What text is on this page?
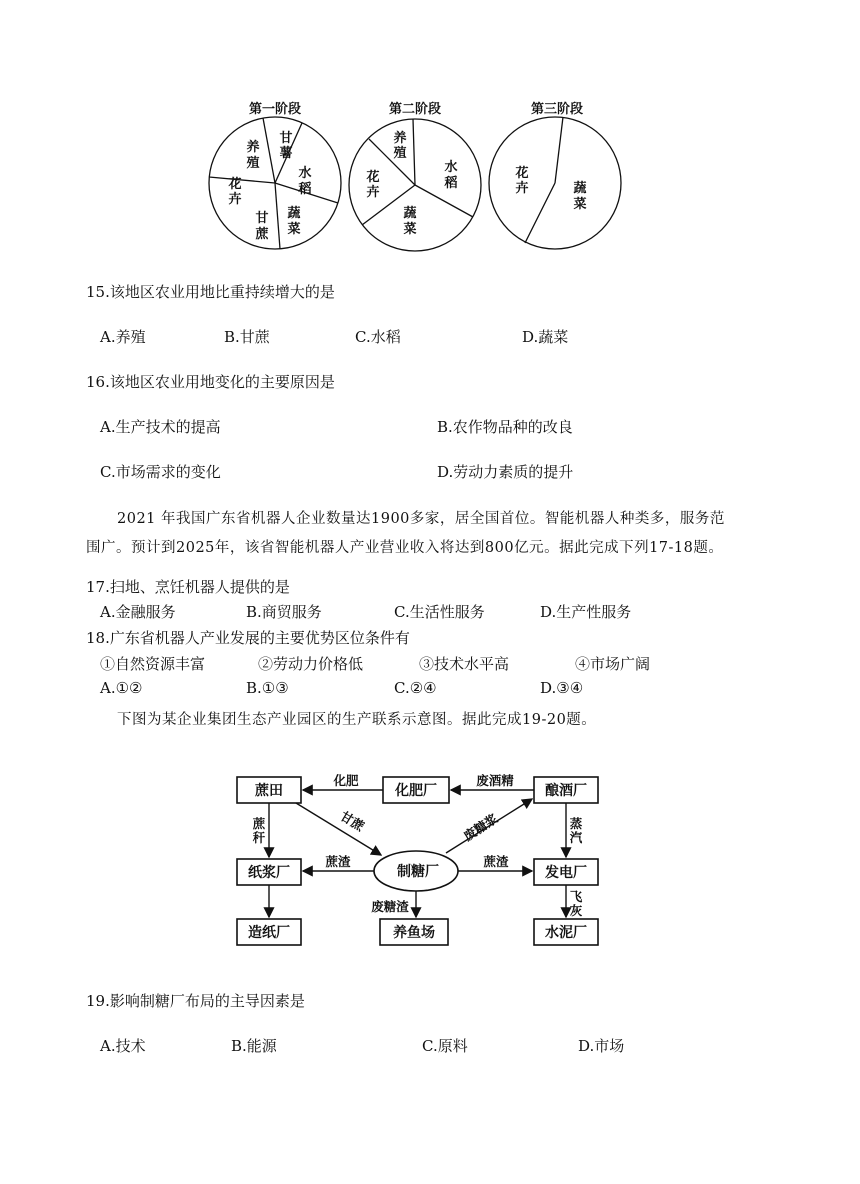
第一阶段	第二阶段	第三阶段
养
殖
甘
薯
水
稻
蔬
菜
甘
蔗
花
卉
养
殖
水
稻
蔬
菜
花
卉
花
卉	蔬
菜
15.该地区农业用地比重持续增大的是
A.养殖	B.甘蔗	C.水稻	D.蔬菜
16.该地区农业用地变化的主要原因是
A.生产技术的提高	B.农作物品种的改良
C.市场需求的变化	D.劳动力素质的提升
2021 年我国广东省机器人企业数量达1900多家，居全国首位。智能机器人种类多，服务范
围广。预计到2025年，该省智能机器人产业营业收入将达到800亿元。据此完成下列17-18题。
17.扫地、烹饪机器人提供的是
A.金融服务	B.商贸服务	C.生活性服务	D.生产性服务
18.广东省机器人产业发展的主要优势区位条件有
①自然资源丰富	②劳动力价格低	③技术水平高	④市场广阔
A.①②	B.①③	C.②④	D.③④
下图为某企业集团生态产业园区的生产联系示意图。据此完成19-20题。
蔗田	化肥厂	酿酒厂
纸浆厂	制糖厂	发电厂
造纸厂	养鱼场	水泥厂
化肥	废酒精
废糖浆
甘蔗
蔗渣	蔗渣
废糖渣
蔗
秆
蒸
汽
飞
灰
19.影响制糖厂布局的主导因素是
A.技术	B.能源	C.原料	D.市场
